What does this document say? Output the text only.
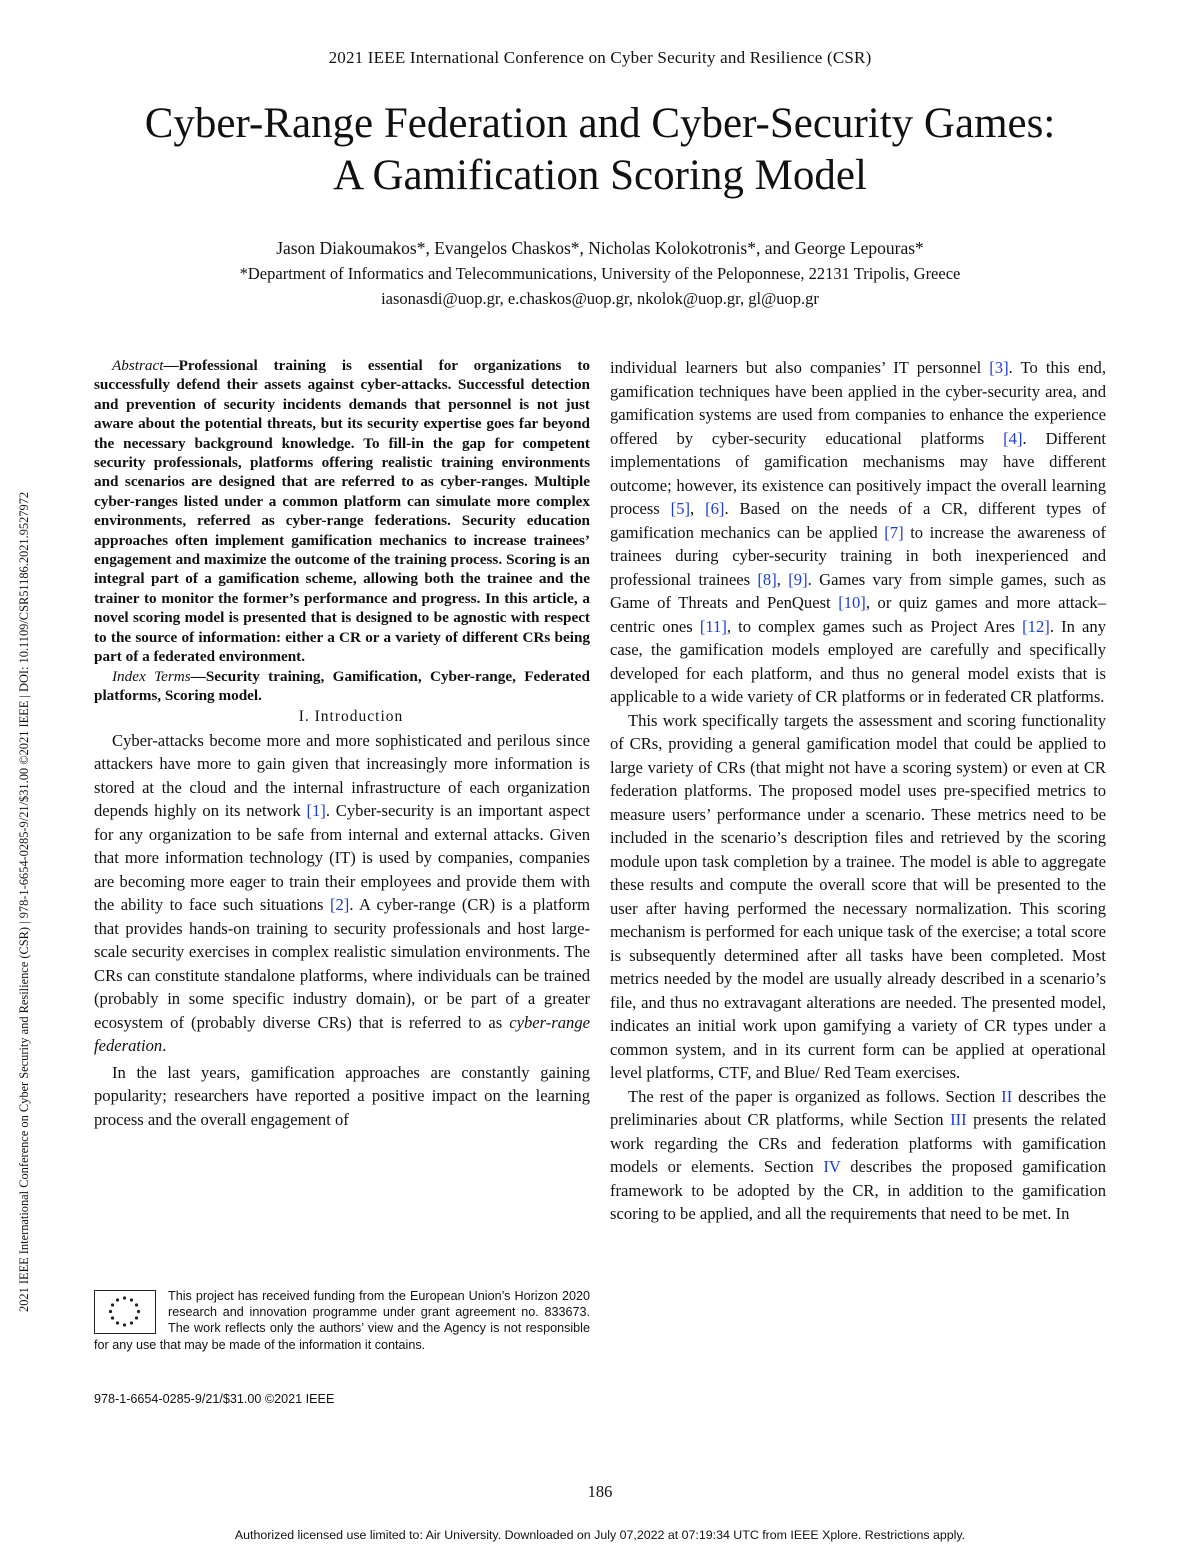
2021 IEEE International Conference on Cyber Security and Resilience (CSR)
Cyber-Range Federation and Cyber-Security Games:
A Gamification Scoring Model
Jason Diakoumakos*, Evangelos Chaskos*, Nicholas Kolokotronis*, and George Lepouras*
*Department of Informatics and Telecommunications, University of the Peloponnese, 22131 Tripolis, Greece
iasonasdi@uop.gr, e.chaskos@uop.gr, nkolok@uop.gr, gl@uop.gr
2021 IEEE International Conference on Cyber Security and Resilience (CSR) | 978-1-6654-0285-9/21/$31.00 ©2021 IEEE | DOI: 10.1109/CSR51186.2021.9527972

Abstract—Professional training is essential for organizations to successfully defend their assets against cyber-attacks. Successful detection and prevention of security incidents demands that personnel is not just aware about the potential threats, but its security expertise goes far beyond the necessary background knowledge. To fill-in the gap for competent security professionals, platforms offering realistic training environments and scenarios are designed that are referred to as cyber-ranges. Multiple cyber-ranges listed under a common platform can simulate more complex environments, referred as cyber-range federations. Security education approaches often implement gamification mechanics to increase trainees’ engagement and maximize the outcome of the training process. Scoring is an integral part of a gamification scheme, allowing both the trainee and the trainer to monitor the former’s performance and progress. In this article, a novel scoring model is presented that is designed to be agnostic with respect to the source of information: either a CR or a variety of different CRs being part of a federated environment.

Index Terms—Security training, Gamification, Cyber-range, Federated platforms, Scoring model.

I. Introduction

Cyber-attacks become more and more sophisticated and perilous since attackers have more to gain given that increasingly more information is stored at the cloud and the internal infrastructure of each organization depends highly on its network [1]. Cyber-security is an important aspect for any organization to be safe from internal and external attacks. Given that more information technology (IT) is used by companies, companies are becoming more eager to train their employees and provide them with the ability to face such situations [2]. A cyber-range (CR) is a platform that provides hands-on training to security professionals and host large-scale security exercises in complex realistic simulation environments. The CRs can constitute standalone platforms, where individuals can be trained (probably in some specific industry domain), or be part of a greater ecosystem of (probably diverse CRs) that is referred to as cyber-range federation.

In the last years, gamification approaches are constantly gaining popularity; researchers have reported a positive impact on the learning process and the overall engagement of

This project has received funding from the European Union’s Horizon 2020 research and innovation programme under grant agreement no. 833673. The work reflects only the authors’ view and the Agency is not responsible for any use that may be made of the information it contains.
978-1-6654-0285-9/21/$31.00 ©2021 IEEE

individual learners but also companies’ IT personnel [3]. To this end, gamification techniques have been applied in the cyber-security area, and gamification systems are used from companies to enhance the experience offered by cyber-security educational platforms [4]. Different implementations of gamification mechanisms may have different outcome; however, its existence can positively impact the overall learning process [5], [6]. Based on the needs of a CR, different types of gamification mechanics can be applied [7] to increase the awareness of trainees during cyber-security training in both inexperienced and professional trainees [8], [9]. Games vary from simple games, such as Game of Threats and PenQuest [10], or quiz games and more attack–centric ones [11], to complex games such as Project Ares [12]. In any case, the gamification models employed are carefully and specifically developed for each platform, and thus no general model exists that is applicable to a wide variety of CR platforms or in federated CR platforms.

This work specifically targets the assessment and scoring functionality of CRs, providing a general gamification model that could be applied to large variety of CRs (that might not have a scoring system) or even at CR federation platforms. The proposed model uses pre-specified metrics to measure users’ performance under a scenario. These metrics need to be included in the scenario’s description files and retrieved by the scoring module upon task completion by a trainee. The model is able to aggregate these results and compute the overall score that will be presented to the user after having performed the necessary normalization. This scoring mechanism is performed for each unique task of the exercise; a total score is subsequently determined after all tasks have been completed. Most metrics needed by the model are usually already described in a scenario’s file, and thus no extravagant alterations are needed. The presented model, indicates an initial work upon gamifying a variety of CR types under a common system, and in its current form can be applied at operational level platforms, CTF, and Blue/ Red Team exercises.

The rest of the paper is organized as follows. Section II describes the preliminaries about CR platforms, while Section III presents the related work regarding the CRs and federation platforms with gamification models or elements. Section IV describes the proposed gamification framework to be adopted by the CR, in addition to the gamification scoring to be applied, and all the requirements that need to be met. In

186
Authorized licensed use limited to: Air University. Downloaded on July 07,2022 at 07:19:34 UTC from IEEE Xplore. Restrictions apply.
